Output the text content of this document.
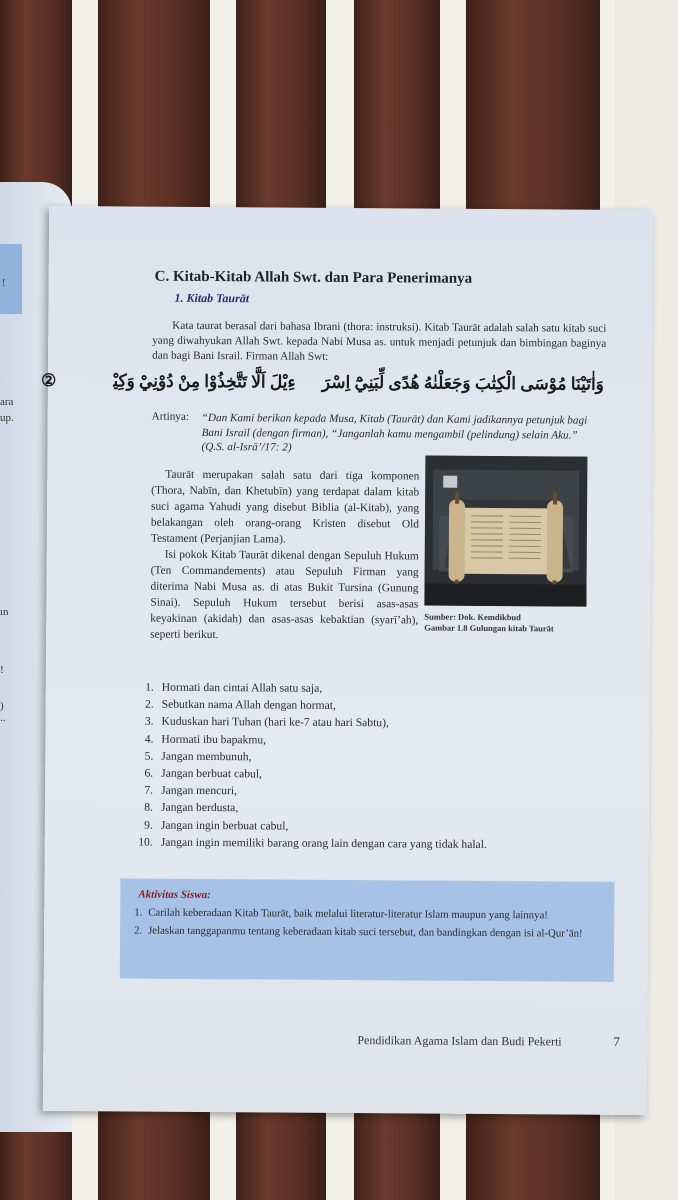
!
ara
up.
ın
!
)
..
C. Kitab-Kitab Allah Swt. dan Para Penerimanya
1. Kitab Taurāt
Kata taurat berasal dari bahasa Ibrani (thora: instruksi). Kitab Taurāt adalah salah satu kitab suci yang diwahyukan Allah Swt. kepada Nabi Musa as. untuk menjadi petunjuk dan bimbingan baginya dan bagi Bani Israil. Firman Allah Swt:
وَاٰتَيْنَا مُوْسَى الْكِتٰبَ وَجَعَلْنٰهُ هُدًى لِّبَنِيْٓ اِسْرَاۤءِيْلَ اَلَّا تَتَّخِذُوْا مِنْ دُوْنِيْ وَكِيْلًاۗ ②
Artinya: “Dan Kami berikan kepada Musa, Kitab (Taurāt) dan Kami jadikannya petunjuk bagi Bani Israil (dengan firman), “Janganlah kamu mengambil (pelindung) selain Aku.” (Q.S. al-Isrā’/17: 2)

Taurāt merupakan salah satu dari tiga komponen (Thora, Nabīn, dan Khetubīn) yang terdapat dalam kitab suci agama Yahudi yang disebut Biblia (al-Kitab), yang belakangan oleh orang-orang Kristen disebut Old Testament (Perjanjian Lama).

Isi pokok Kitab Taurāt dikenal dengan Sepuluh Hukum (Ten Commandements) atau Sepuluh Firman yang diterima Nabi Musa as. di atas Bukit Tursina (Gunung Sinai). Sepuluh Hukum tersebut berisi asas-asas keyakinan (akidah) dan asas-asas kebaktian (syarī’ah), seperti berikut.

Sumber: Dok. Kemdikbud
Gambar 1.8 Gulungan kitab Taurāt
1. Hormati dan cintai Allah satu saja,
2. Sebutkan nama Allah dengan hormat,
3. Kuduskan hari Tuhan (hari ke-7 atau hari Sabtu),
4. Hormati ibu bapakmu,
5. Jangan membunuh,
6. Jangan berbuat cabul,
7. Jangan mencuri,
8. Jangan berdusta,
9. Jangan ingin berbuat cabul,
10. Jangan ingin memiliki barang orang lain dengan cara yang tidak halal.
Aktivitas Siswa:
1. Carilah keberadaan Kitab Taurāt, baik melalui literatur-literatur Islam maupun yang lainnya!
2. Jelaskan tanggapanmu tentang keberadaan kitab suci tersebut, dan bandingkan dengan isi al-Qur’ān!
Pendidikan Agama Islam dan Budi Pekerti	7
